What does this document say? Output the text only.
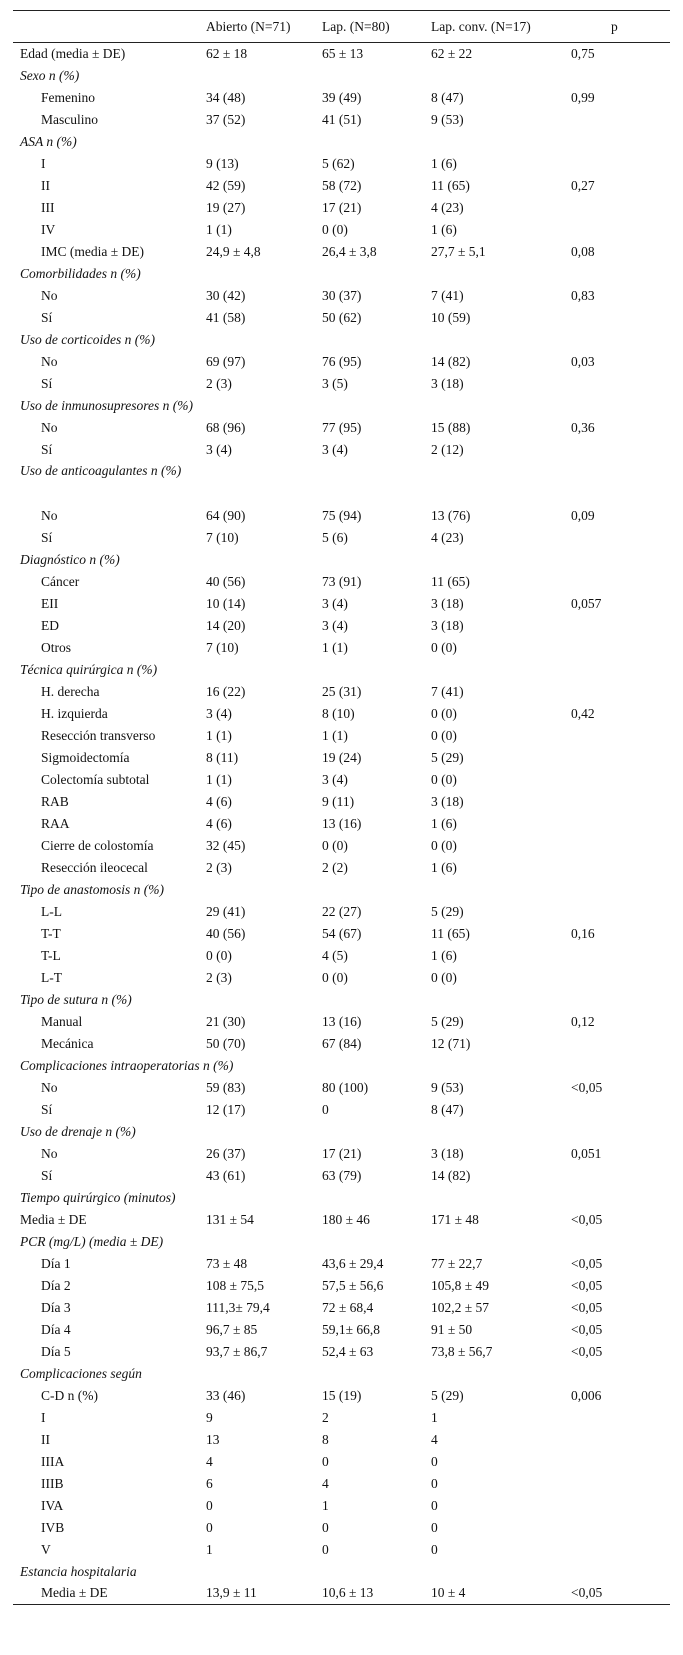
	Abierto (N=71)	Lap. (N=80)	Lap. conv. (N=17)	p
Edad (media ± DE)	62 ± 18	65 ± 13	62 ± 22	0,75
Sexo n (%)				
Femenino	34 (48)	39 (49)	8 (47)	0,99
Masculino	37 (52)	41 (51)	9 (53)	
ASA n (%)				
I	9 (13)	5 (62)	1 (6)	
II	42 (59)	58 (72)	11 (65)	0,27
III	19 (27)	17 (21)	4 (23)	
IV	1 (1)	0 (0)	1 (6)	
IMC (media ± DE)	24,9 ± 4,8	26,4 ± 3,8	27,7 ± 5,1	0,08
Comorbilidades n (%)				
No	30 (42)	30 (37)	7 (41)	0,83
Sí	41 (58)	50 (62)	10 (59)	
Uso de corticoides n (%)				
No	69 (97)	76 (95)	14 (82)	0,03
Sí	2 (3)	3 (5)	3 (18)	
Uso de inmunosupresores n (%)				
No	68 (96)	77 (95)	15 (88)	0,36
Sí	3 (4)	3 (4)	2 (12)	
Uso de anticoagulantes n (%)				
No	64 (90)	75 (94)	13 (76)	0,09
Sí	7 (10)	5 (6)	4 (23)	
Diagnóstico n (%)				
Cáncer	40 (56)	73 (91)	11 (65)	
EII	10 (14)	3 (4)	3 (18)	0,057
ED	14 (20)	3 (4)	3 (18)	
Otros	7 (10)	1 (1)	0 (0)	
Técnica quirúrgica n (%)				
H. derecha	16 (22)	25 (31)	7 (41)	
H. izquierda	3 (4)	8 (10)	0 (0)	0,42
Resección transverso	1 (1)	1 (1)	0 (0)	
Sigmoidectomía	8 (11)	19 (24)	5 (29)	
Colectomía subtotal	1 (1)	3 (4)	0 (0)	
RAB	4 (6)	9 (11)	3 (18)	
RAA	4 (6)	13 (16)	1 (6)	
Cierre de colostomía	32 (45)	0 (0)	0 (0)	
Resección ileocecal	2 (3)	2 (2)	1 (6)	
Tipo de anastomosis n (%)				
L-L	29 (41)	22 (27)	5 (29)	
T-T	40 (56)	54 (67)	11 (65)	0,16
T-L	0 (0)	4 (5)	1 (6)	
L-T	2 (3)	0 (0)	0 (0)	
Tipo de sutura n (%)				
Manual	21 (30)	13 (16)	5 (29)	0,12
Mecánica	50 (70)	67 (84)	12 (71)	
Complicaciones intraoperatorias n (%)				
No	59 (83)	80 (100)	9 (53)	<0,05
Sí	12 (17)	0	8 (47)	
Uso de drenaje n (%)				
No	26 (37)	17 (21)	3 (18)	0,051
Sí	43 (61)	63 (79)	14 (82)	
Tiempo quirúrgico (minutos)				
Media ± DE	131 ± 54	180 ± 46	171 ± 48	<0,05
PCR (mg/L) (media ± DE)				
Día 1	73 ± 48	43,6 ± 29,4	77 ± 22,7	<0,05
Día 2	108 ± 75,5	57,5 ± 56,6	105,8 ± 49	<0,05
Día 3	111,3± 79,4	72 ± 68,4	102,2 ± 57	<0,05
Día 4	96,7 ± 85	59,1± 66,8	91 ± 50	<0,05
Día 5	93,7 ± 86,7	52,4 ± 63	73,8 ± 56,7	<0,05
Complicaciones según				
C-D n (%)	33 (46)	15 (19)	5 (29)	0,006
I	9	2	1	
II	13	8	4	
IIIA	4	0	0	
IIIB	6	4	0	
IVA	0	1	0	
IVB	0	0	0	
V	1	0	0	
Estancia hospitalaria				
Media ± DE	13,9 ± 11	10,6 ± 13	10 ± 4	<0,05
